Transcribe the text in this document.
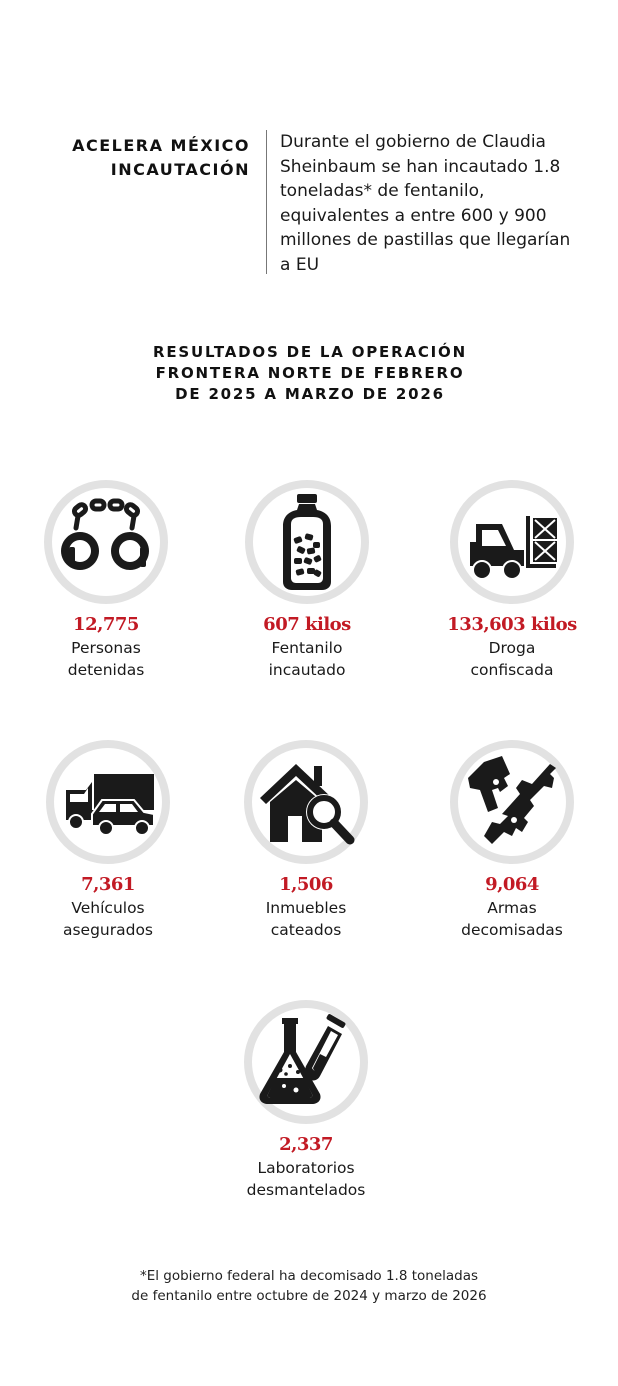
ACELERA MÉXICO
INCAUTACIÓN
Durante el gobierno de Claudia Sheinbaum se han incautado 1.8 toneladas* de fentanilo, equivalentes a entre 600 y 900 millones de pastillas que llegarían a EU
RESULTADOS DE LA OPERACIÓN
FRONTERA NORTE DE FEBRERO
DE 2025 A MARZO DE 2026
12,775
Personas
detenidas
607 kilos
Fentanilo
incautado
133,603 kilos
Droga
confiscada
7,361
Vehículos
asegurados
1,506
Inmuebles
cateados
9,064
Armas
decomisadas
2,337
Laboratorios
desmantelados
*El gobierno federal ha decomisado 1.8 toneladas
de fentanilo entre octubre de 2024 y marzo de 2026
